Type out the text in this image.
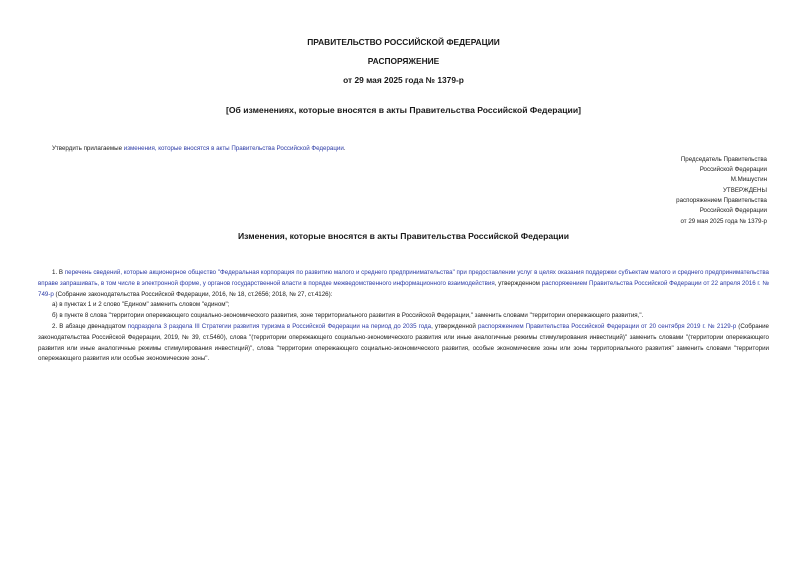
ПРАВИТЕЛЬСТВО РОССИЙСКОЙ ФЕДЕРАЦИИ
РАСПОРЯЖЕНИЕ
от 29 мая 2025 года № 1379-р
[Об изменениях, которые вносятся в акты Правительства Российской Федерации]
Утвердить прилагаемые изменения, которые вносятся в акты Правительства Российской Федерации.
Председатель Правительства
Российской Федерации
М.Мишустин
УТВЕРЖДЕНЫ
распоряжением Правительства
Российской Федерации
от 29 мая 2025 года № 1379-р
Изменения, которые вносятся в акты Правительства Российской Федерации

1. В перечень сведений, которые акционерное общество "Федеральная корпорация по развитию малого и среднего предпринимательства" при предоставлении услуг в целях оказания поддержки субъектам малого и среднего предпринимательства вправе запрашивать, в том числе в электронной форме, у органов государственной власти в порядке межведомственного информационного взаимодействия, утвержденном распоряжением Правительства Российской Федерации от 22 апреля 2016 г. № 749-р (Собрание законодательства Российской Федерации, 2016, № 18, ст.2656; 2018, № 27, ст.4126):

а) в пунктах 1 и 2 слово "Едином" заменить словом "едином";

б) в пункте 8 слова "территории опережающего социально-экономического развития, зоне территориального развития в Российской Федерации," заменить словами "территории опережающего развития,".

2. В абзаце двенадцатом подраздела 3 раздела III Стратегии развития туризма в Российской Федерации на период до 2035 года, утвержденной распоряжением Правительства Российской Федерации от 20 сентября 2019 г. № 2129-р (Собрание законодательства Российской Федерации, 2019, № 39, ст.5460), слова "(территории опережающего социально-экономического развития или иные аналогичные режимы стимулирования инвестиций)" заменить словами "(территории опережающего развития или иные аналогичные режимы стимулирования инвестиций)", слова "территории опережающего социально-экономического развития, особые экономические зоны или зоны территориального развития" заменить словами "территории опережающего развития или особые экономические зоны".
